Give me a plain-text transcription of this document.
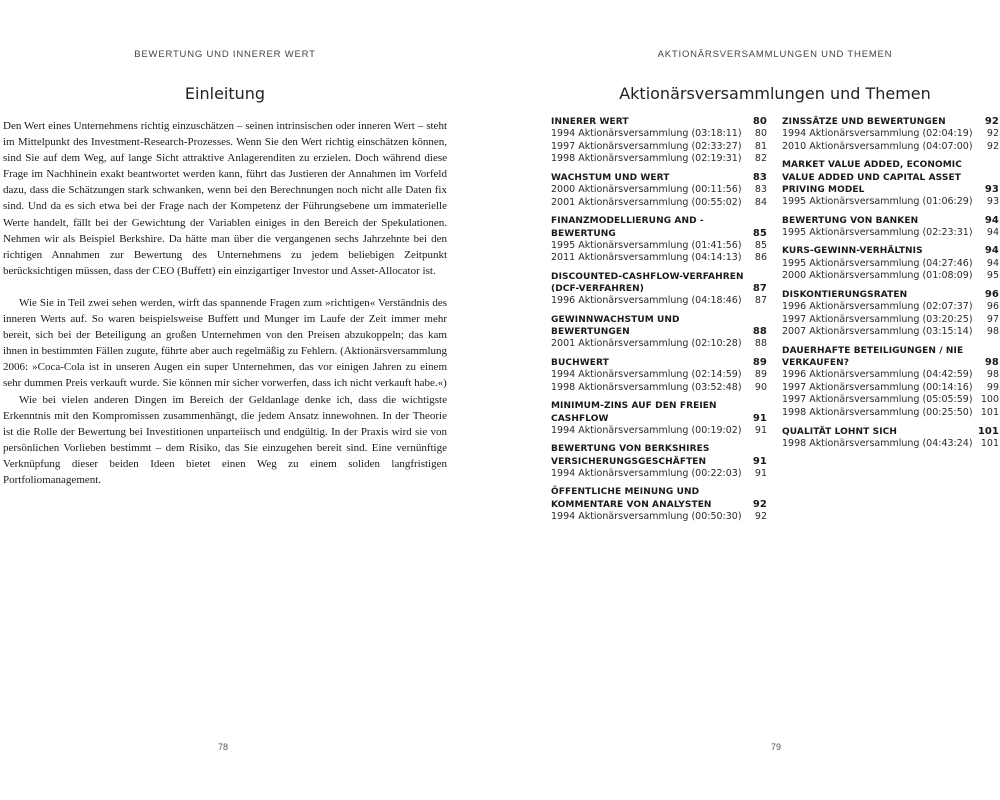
BEWERTUNG UND INNERER WERT
Einleitung

Den Wert eines Unternehmens richtig einzuschätzen – seinen intrinsischen oder inneren Wert – steht im Mittelpunkt des Investment-Research-Prozesses. Wenn Sie den Wert richtig einschätzen können, sind Sie auf dem Weg, auf lange Sicht attraktive Anlagerenditen zu erzielen. Doch während diese Frage im Nachhinein exakt beantwortet werden kann, führt das Justieren der Annahmen im Vorfeld dazu, dass die Schätzungen stark schwanken, wenn bei den Berechnungen noch nicht alle Daten fix sind. Und da es sich etwa bei der Frage nach der Kompetenz der Führungsebene um immaterielle Werte handelt, fällt bei der Gewichtung der Variablen einiges in den Bereich der Spekulationen. Nehmen wir als Beispiel Berkshire. Da hätte man über die vergangenen sechs Jahrzehnte bei den richtigen Annahmen zur Bewertung des Unternehmens zu jedem beliebigen Zeitpunkt berücksichtigen müssen, dass der CEO (Buffett) ein einzigartiger Investor und Asset-Allocator ist.

Wie Sie in Teil zwei sehen werden, wirft das spannende Fragen zum »richtigen« Verständnis des inneren Werts auf. So waren beispielsweise Buffett und Munger im Laufe der Zeit immer mehr bereit, sich bei der Beteiligung an großen Unternehmen von den Preisen abzukoppeln; das kam ihnen in bestimmten Fällen zugute, führte aber auch regelmäßig zu Fehlern. (Aktionärsversammlung 2006: »Coca-Cola ist in unseren Augen ein super Unternehmen, das vor einigen Jahren zu einem sehr dummen Preis verkauft wurde. Sie können mir sicher vorwerfen, dass ich nicht verkauft habe.«)

Wie bei vielen anderen Dingen im Bereich der Geldanlage denke ich, dass die wichtigste Erkenntnis mit den Kompromissen zusammenhängt, die jedem Ansatz innewohnen. In der Theorie ist die Rolle der Bewertung bei Investitionen unparteiisch und endgültig. In der Praxis wird sie von persönlichen Vorlieben bestimmt – dem Risiko, das Sie einzugehen bereit sind. Eine vernünftige Verknüpfung dieser beiden Ideen bietet einen Weg zu einem soliden langfristigen Portfoliomanagement.

78
AKTIONÄRSVERSAMMLUNGEN UND THEMEN
Aktionärsversammlungen und Themen
INNERER WERT	80
1994 Aktionärsversammlung (03:18:11)	80
1997 Aktionärsversammlung (02:33:27)	81
1998 Aktionärsversammlung (02:19:31)	82
WACHSTUM UND WERT	83
2000 Aktionärsversammlung (00:11:56)	83
2001 Aktionärsversammlung (00:55:02)	84
FINANZMODELLIERUNG AND -BEWERTUNG	85
1995 Aktionärsversammlung (01:41:56)	85
2011 Aktionärsversammlung (04:14:13)	86
DISCOUNTED-CASHFLOW-VERFAHREN (DCF-VERFAHREN)	87
1996 Aktionärsversammlung (04:18:46)	87
GEWINNWACHSTUM UND BEWERTUNGEN	88
2001 Aktionärsversammlung (02:10:28)	88
BUCHWERT	89
1994 Aktionärsversammlung (02:14:59)	89
1998 Aktionärsversammlung (03:52:48)	90
MINIMUM-ZINS AUF DEN FREIEN CASHFLOW	91
1994 Aktionärsversammlung (00:19:02)	91
BEWERTUNG VON BERKSHIRES VERSICHERUNGSGESCHÄFTEN	91
1994 Aktionärsversammlung (00:22:03)	91
ÖFFENTLICHE MEINUNG UND KOMMENTARE VON ANALYSTEN	92
1994 Aktionärsversammlung (00:50:30)	92
ZINSSÄTZE UND BEWERTUNGEN	92
1994 Aktionärsversammlung (02:04:19)	92
2010 Aktionärsversammlung (04:07:00)	92
MARKET VALUE ADDED, ECONOMIC VALUE ADDED UND CAPITAL ASSET PRIVING MODEL	93
1995 Aktionärsversammlung (01:06:29)	93
BEWERTUNG VON BANKEN	94
1995 Aktionärsversammlung (02:23:31)	94
KURS-GEWINN-VERHÄLTNIS	94
1995 Aktionärsversammlung (04:27:46)	94
2000 Aktionärsversammlung (01:08:09)	95
DISKONTIERUNGSRATEN	96
1996 Aktionärsversammlung (02:07:37)	96
1997 Aktionärsversammlung (03:20:25)	97
2007 Aktionärsversammlung (03:15:14)	98
DAUERHAFTE BETEILIGUNGEN / NIE VERKAUFEN?	98
1996 Aktionärsversammlung (04:42:59)	98
1997 Aktionärsversammlung (00:14:16)	99
1997 Aktionärsversammlung (05:05:59) 100
1998 Aktionärsversammlung (00:25:50) 101
QUALITÄT LOHNT SICH	101
1998 Aktionärsversammlung (04:43:24) 101
79
